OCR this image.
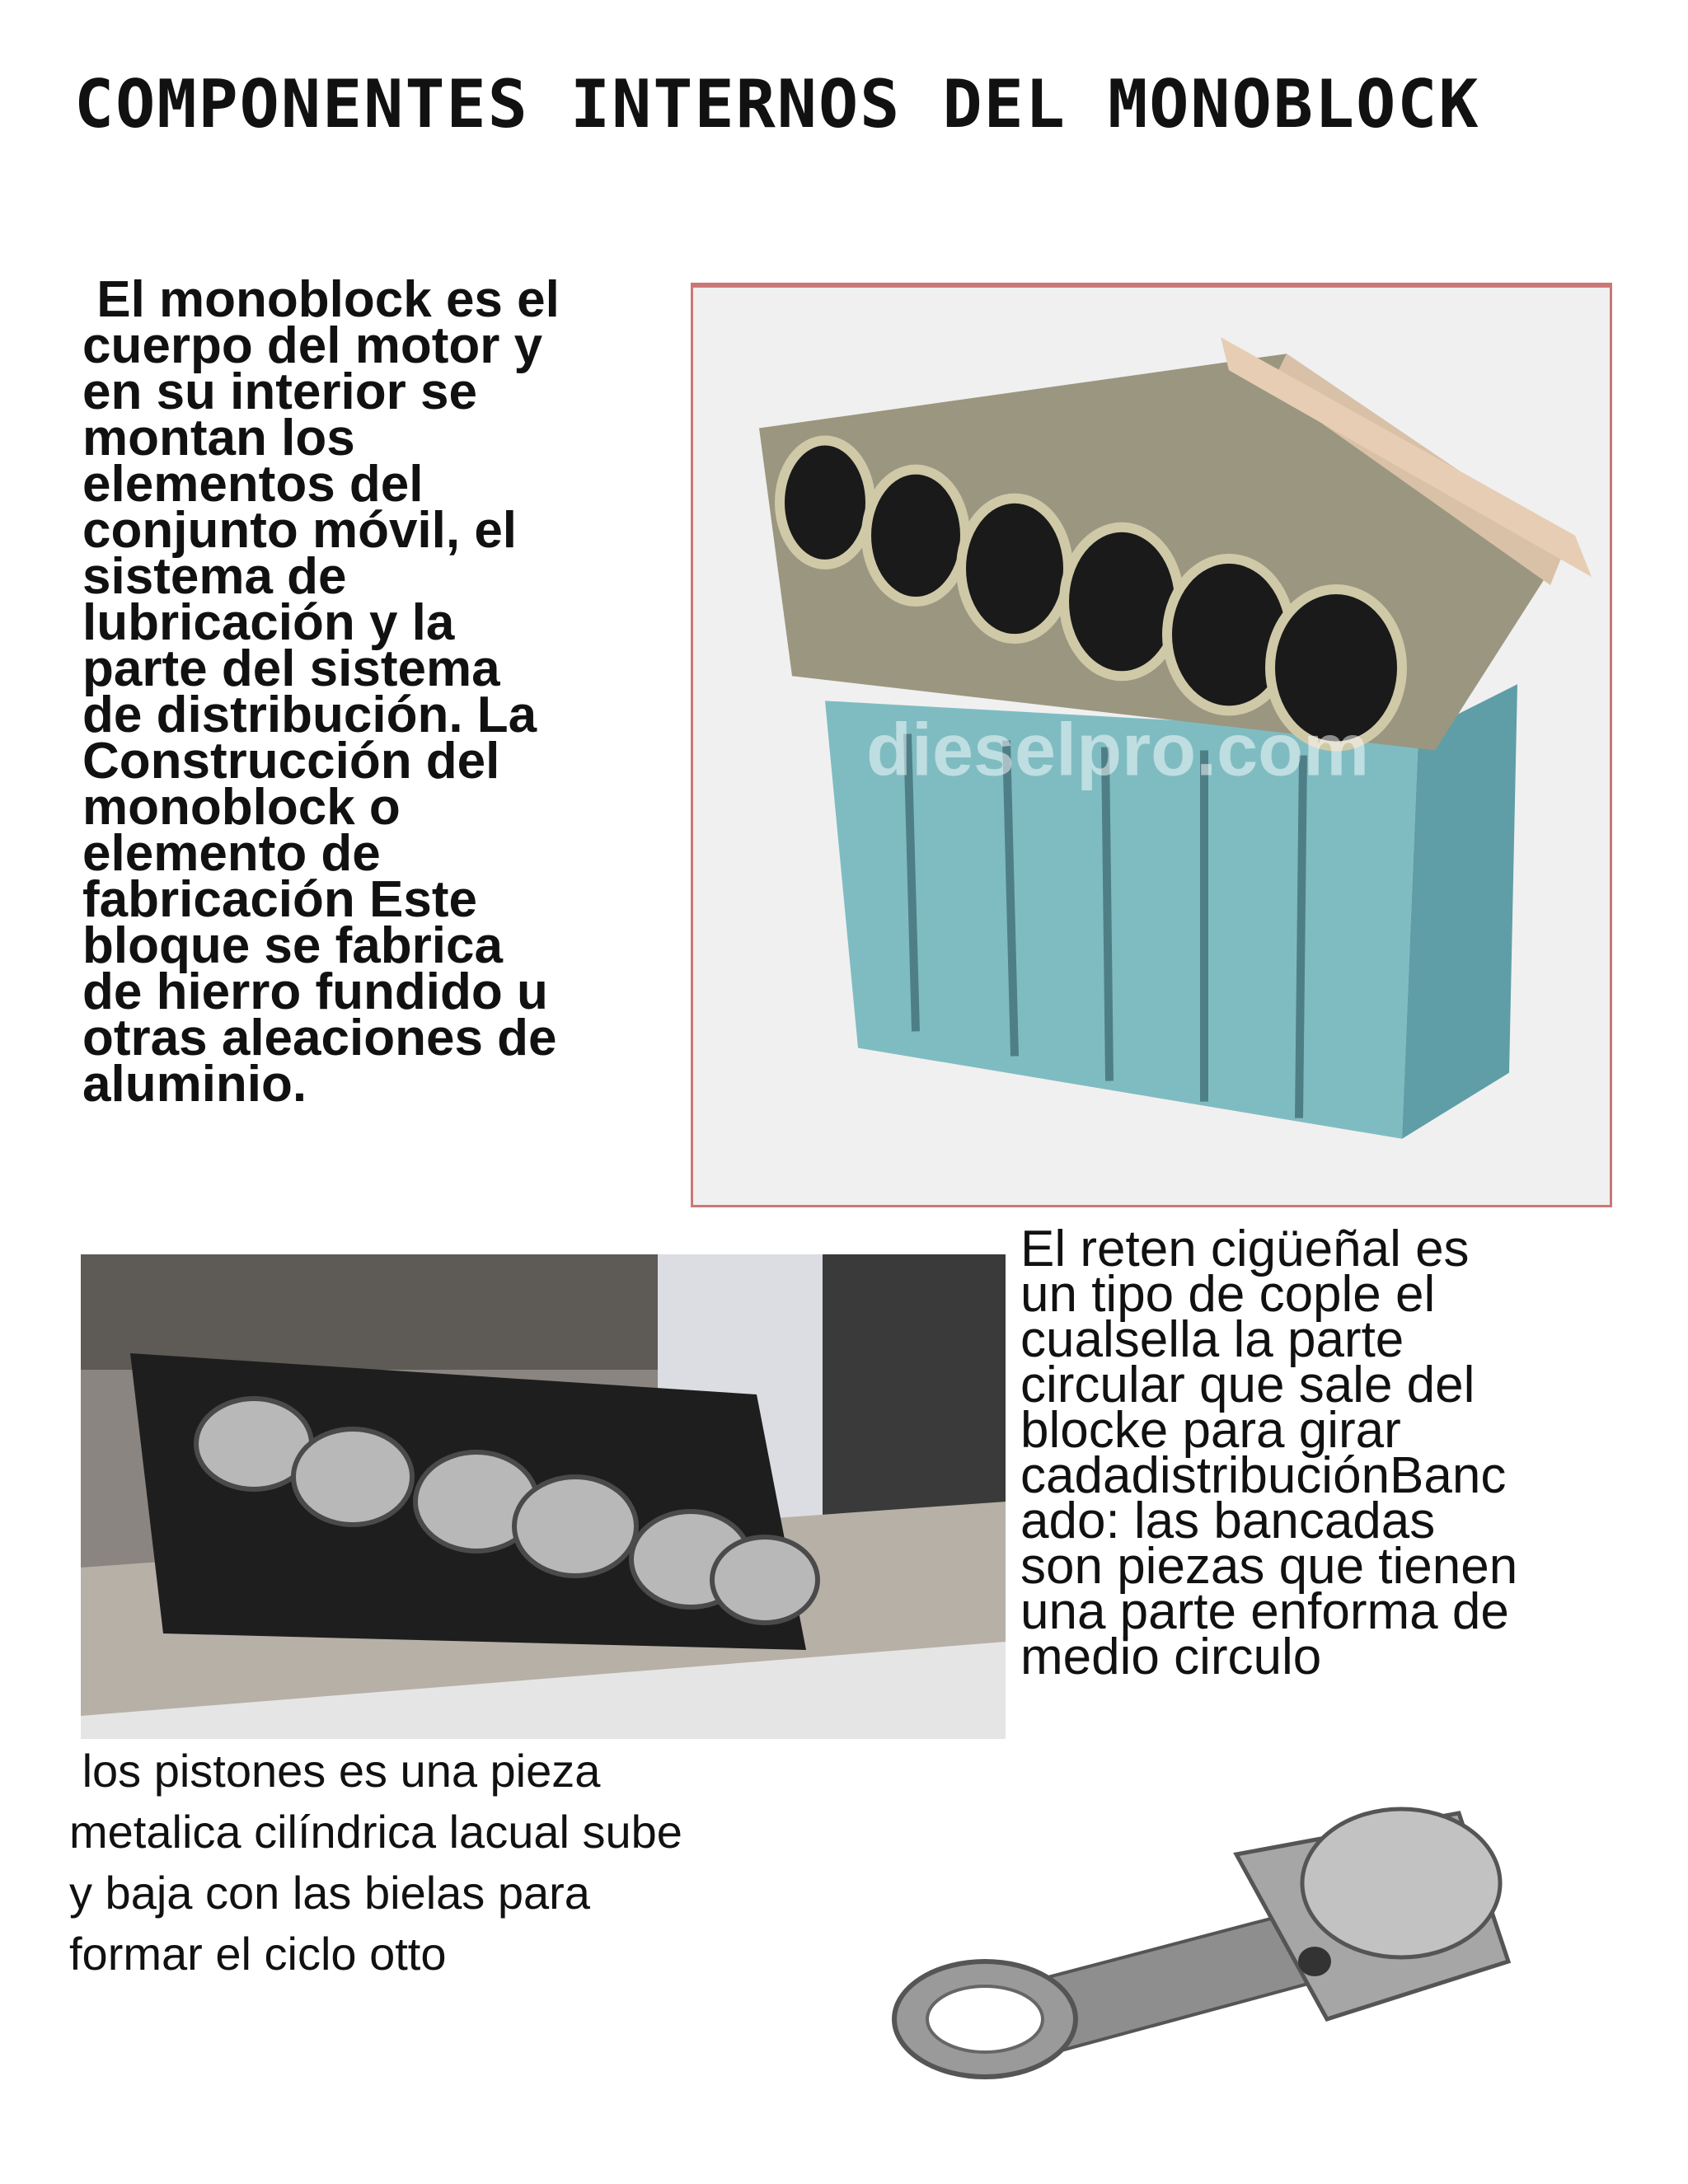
COMPONENTES INTERNOS DEL MONOBLOCK
El monoblock es el
cuerpo del motor y
en su interior se
montan los
elementos del
conjunto móvil, el
sistema de
lubricación y la
parte del sistema
de distribución. La
Construcción del
monoblock o
elemento de
fabricación Este
bloque se fabrica
de hierro fundido u
otras aleaciones de
aluminio.
dieselpro.com
El reten cigüeñal es
un tipo de cople el
cualsella la parte
circular que sale del
blocke para girar
cadadistribuciónBanc
ado: las bancadas
son piezas que tienen
una parte enforma de
medio circulo
los pistones es una pieza
metalica cilíndrica lacual sube
y baja con las bielas para
formar el ciclo otto
